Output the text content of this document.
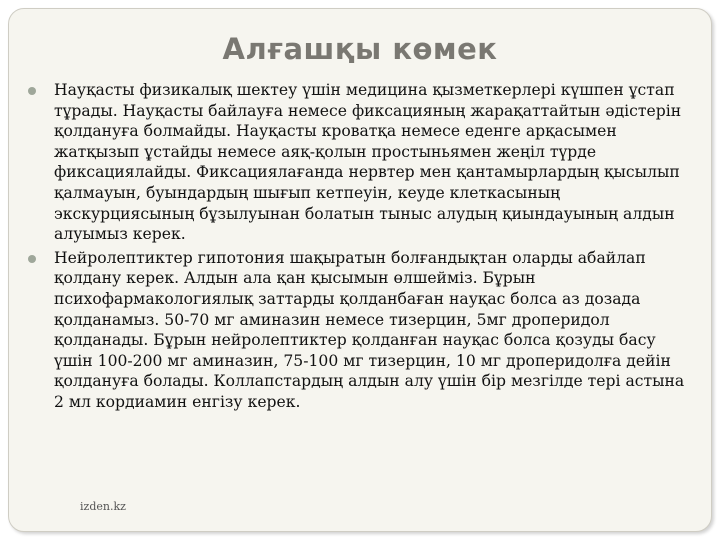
Алғашқы көмек
Науқасты физикалық шектеу үшін медицина қызметкерлері күшпен ұстап тұрады. Науқасты байлауға немесе фиксацияның жарақаттайтын әдістерін қолдануға болмайды. Науқасты кроватқа немесе еденге арқасымен жатқызып ұстайды немесе аяқ-қолын простыньямен жеңіл түрде фиксациялайды. Фиксациялағанда нервтер мен қантамырлардың қысылып қалмауын, буындардың шығып кетпеуін, кеуде клеткасының экскурциясының бұзылуынан болатын тыныс алудың қиындауының алдын алуымыз керек.
Нейролептиктер гипотония шақыратын болғандықтан оларды абайлап қолдану керек. Алдын ала қан қысымын өлшейміз. Бұрын психофармакологиялық заттарды қолданбаған науқас болса аз дозада қолданамыз. 50-70 мг аминазин немесе тизерцин, 5мг дроперидол қолданады. Бұрын нейролептиктер қолданған науқас болса қозуды басу үшін 100-200 мг аминазин, 75-100 мг тизерцин, 10 мг дроперидолға дейін қолдануға болады. Коллапстардың алдын алу үшін бір мезгілде тері астына 2 мл кордиамин енгізу керек.
izden.kz
